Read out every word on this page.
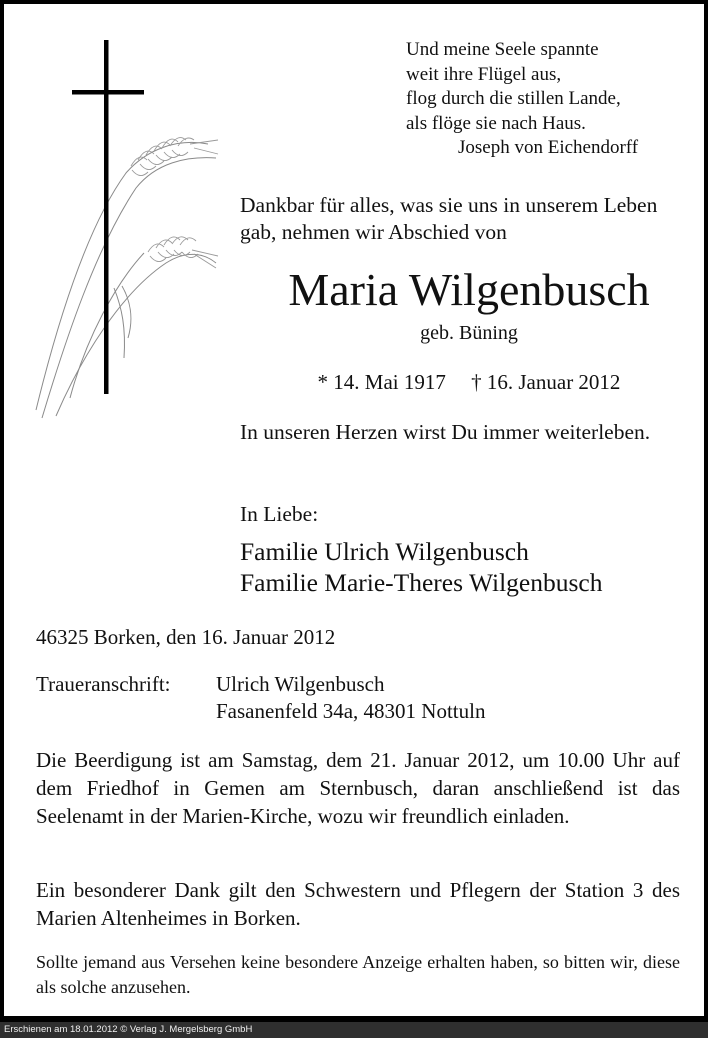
Und meine Seele spannte
weit ihre Flügel aus,
flog durch die stillen Lande,
als flöge sie nach Haus.
Joseph von Eichendorff
Dankbar für alles, was sie uns in unserem Leben gab, nehmen wir Abschied von
Maria Wilgenbusch
geb. Büning
* 14. Mai 1917 † 16. Januar 2012
In unseren Herzen wirst Du immer weiterleben.
In Liebe:
Familie Ulrich Wilgenbusch
Familie Marie-Theres Wilgenbusch
46325 Borken, den 16. Januar 2012
Traueranschrift: Ulrich Wilgenbusch
Fasanenfeld 34a, 48301 Nottuln
Die Beerdigung ist am Samstag, dem 21. Januar 2012, um 10.00 Uhr auf dem Friedhof in Gemen am Sternbusch, daran anschließend ist das Seelenamt in der Marien-Kirche, wozu wir freundlich einladen.
Ein besonderer Dank gilt den Schwestern und Pflegern der Station 3 des Marien Altenheimes in Borken.
Sollte jemand aus Versehen keine besondere Anzeige erhalten haben, so bitten wir, diese als solche anzusehen.
Erschienen am 18.01.2012 © Verlag J. Mergelsberg GmbH
